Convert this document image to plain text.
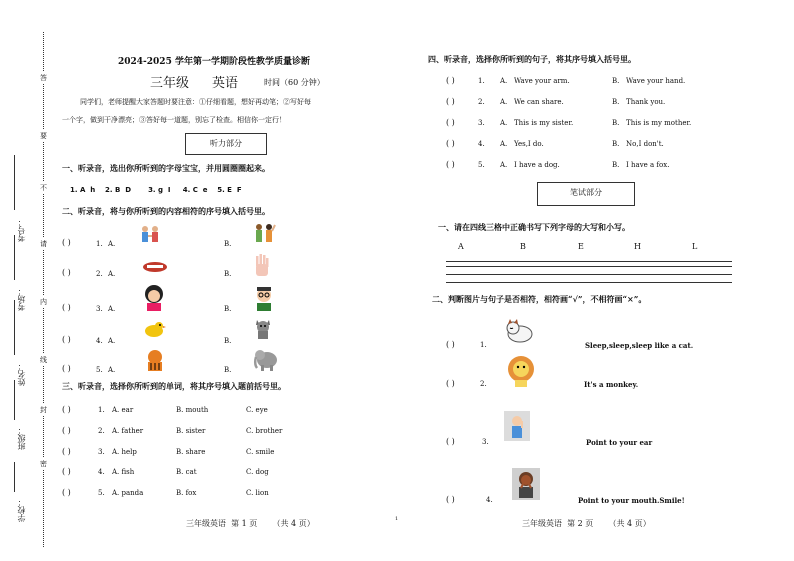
答
要
不
请
内
线
封
密
学校：
班级：
姓名：
考场：
考号：
2024-2025 学年第一学期阶段性教学质量诊断
三年级 英语	时间（60 分钟）
同学们，老师提醒大家答题时要注意：①仔细看题，想好再动笔；②写好每
一个字，做到干净漂亮；③答好每一道题，别忘了检查。相信你一定行！
听力部分
一、听录音，选出你所听到的字母宝宝，并用圆圈圈起来。
1. A h 2. B D 3. g I 4. C e 5. E F
二、听录音，将与你所听到的内容相符的序号填入括号里。
( )	1. A.	B.
( )	2. A.	B.
( )	3. A.	B.
( )	4. A.	B.
( )	5. A.	B.
三、听录音，选择你所听到的单词，将其序号填入题前括号里。
( )	1. A. ear	B. mouth	C. eye
( )	2. A. father	B. sister	C. brother
( )	3. A. help	B. share	C. smile
( )	4. A. fish	B. cat	C. dog
( )	5. A. panda	B. fox	C. lion
三年级英语  第 1 页      （共 4 页）	1
四、听录音，选择你所听到的句子，将其序号填入括号里。
( )	1. A.   Wave your arm.	B.   Wave your hand.
( )	2. A.   We can share.	B.   Thank you.
( )	3. A.   This is my sister.	B.   This is my mother.
( )	4. A.   Yes,I do.	B.   No,I don't.
( )	5. A.   I have a dog.	B.   I have a fox.
笔试部分
一、请在四线三格中正确书写下列字母的大写和小写。
A	B	E	H	L
二、判断图片与句子是否相符，相符画“√”，不相符画“×”。
( )	1.	Sleep,sleep,sleep like a cat.
( )	2.	It's a monkey.
( )	3.	Point to your ear
( )	4.	Point to your mouth.Smile!
三年级英语  第 2 页      （共 4 页）
